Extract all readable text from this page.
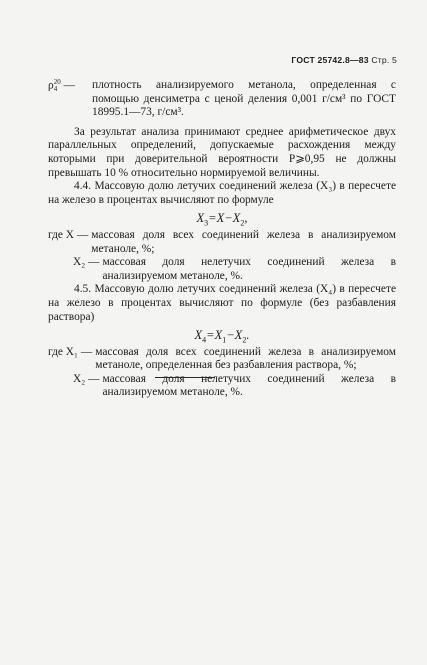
ГОСТ 25742.8—83 Стр. 5
ρ20
4 —	плотность анализируемого метанола, определенная с помощью денсиметра с ценой деления 0,001 г/см³ по ГОСТ 18995.1—73, г/см³.

За результат анализа принимают среднее арифметическое двух параллельных определений, допускаемые расхождения между которыми при доверительной вероятности P⩾0,95 не должны превышать 10 % относительно нормируемой величины.

4.4. Массовую долю летучих соединений железа (X₃) в пересчете на железо в процентах вычисляют по формуле

$X_3=X-X_2$,
где X — массовая доля всех соединений железа в анализируемом метаноле, %;
X₂ — массовая доля нелетучих соединений железа в анализируемом метаноле, %.

4.5. Массовую долю летучих соединений железа (X₄) в пересчете на железо в процентах вычисляют по формуле (без разбавления раствора)

$X_4=X_1-X_2$.
где X₁ — массовая доля всех соединений железа в анализируемом метаноле, определенная без разбавления раствора, %;
X₂ — массовая доля нелетучих соединений железа в анализируемом метаноле, %.
